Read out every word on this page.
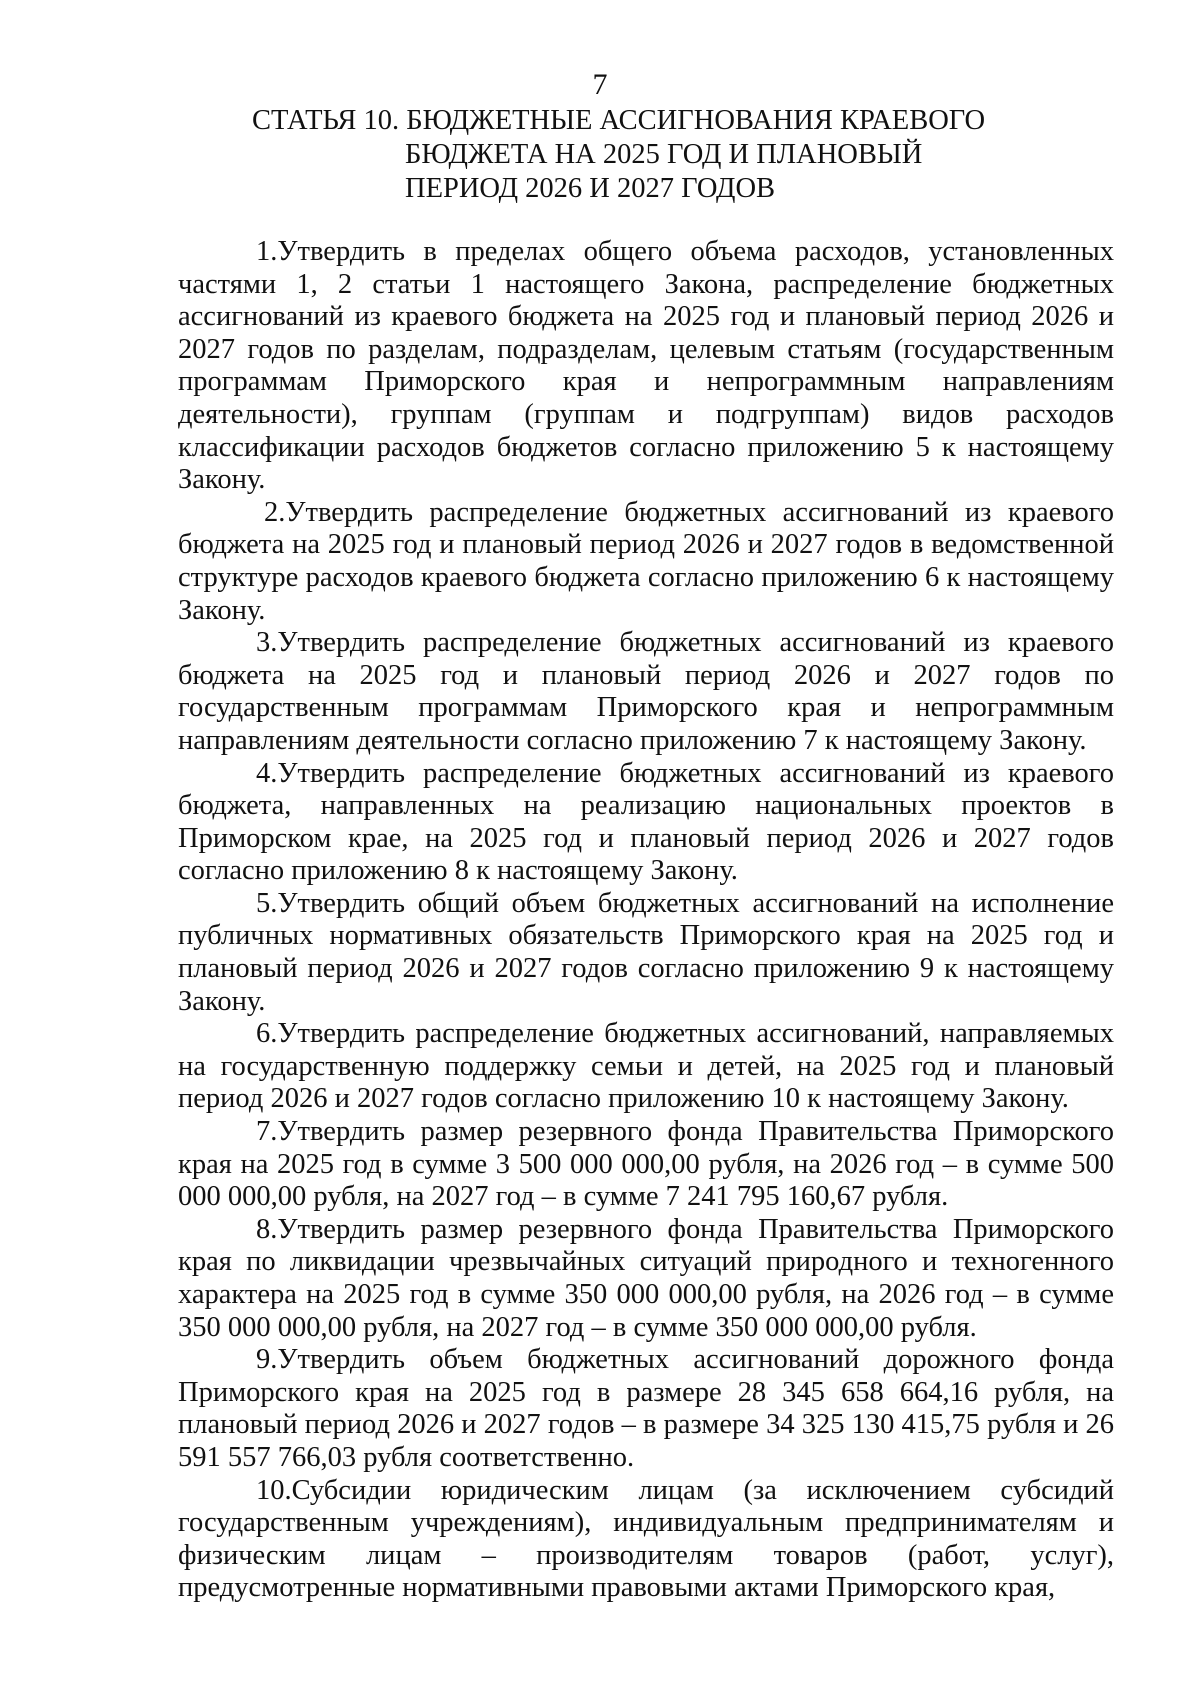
7
СТАТЬЯ 10. БЮДЖЕТНЫЕ АССИГНОВАНИЯ КРАЕВОГО
БЮДЖЕТА НА 2025 ГОД И ПЛАНОВЫЙ
ПЕРИОД 2026 И 2027 ГОДОВ

1.Утвердить в пределах общего объема расходов, установленных частями 1, 2 статьи 1 настоящего Закона, распределение бюджетных ассигнований из краевого бюджета на 2025 год и плановый период 2026 и 2027 годов по разделам, подразделам, целевым статьям (государственным программам Приморского края и непрограммным направлениям деятельности), группам (группам и подгруппам) видов расходов классификации расходов бюджетов согласно приложению 5 к настоящему Закону.

2.Утвердить распределение бюджетных ассигнований из краевого бюджета на 2025 год и плановый период 2026 и 2027 годов в ведомственной структуре расходов краевого бюджета согласно приложению 6 к настоящему Закону.

3.Утвердить распределение бюджетных ассигнований из краевого бюджета на 2025 год и плановый период 2026 и 2027 годов по государственным программам Приморского края и непрограммным направлениям деятельности согласно приложению 7 к настоящему Закону.

4.Утвердить распределение бюджетных ассигнований из краевого бюджета, направленных на реализацию национальных проектов в Приморском крае, на 2025 год и плановый период 2026 и 2027 годов согласно приложению 8 к настоящему Закону.

5.Утвердить общий объем бюджетных ассигнований на исполнение публичных нормативных обязательств Приморского края на 2025 год и плановый период 2026 и 2027 годов согласно приложению 9 к настоящему Закону.

6.Утвердить распределение бюджетных ассигнований, направляемых на государственную поддержку семьи и детей, на 2025 год и плановый период 2026 и 2027 годов согласно приложению 10 к настоящему Закону.

7.Утвердить размер резервного фонда Правительства Приморского края на 2025 год в сумме 3 500 000 000,00 рубля, на 2026 год – в сумме 500 000 000,00 рубля, на 2027 год – в сумме 7 241 795 160,67 рубля.

8.Утвердить размер резервного фонда Правительства Приморского края по ликвидации чрезвычайных ситуаций природного и техногенного характера на 2025 год в сумме 350 000 000,00 рубля, на 2026 год – в сумме 350 000 000,00 рубля, на 2027 год – в сумме 350 000 000,00 рубля.

9.Утвердить объем бюджетных ассигнований дорожного фонда Приморского края на 2025 год в размере 28 345 658 664,16 рубля, на плановый период 2026 и 2027 годов – в размере 34 325 130 415,75 рубля и 26 591 557 766,03 рубля соответственно.

10.Субсидии юридическим лицам (за исключением субсидий государственным учреждениям), индивидуальным предпринимателям и физическим лицам – производителям товаров (работ, услуг), предусмотренные нормативными правовыми актами Приморского края,
